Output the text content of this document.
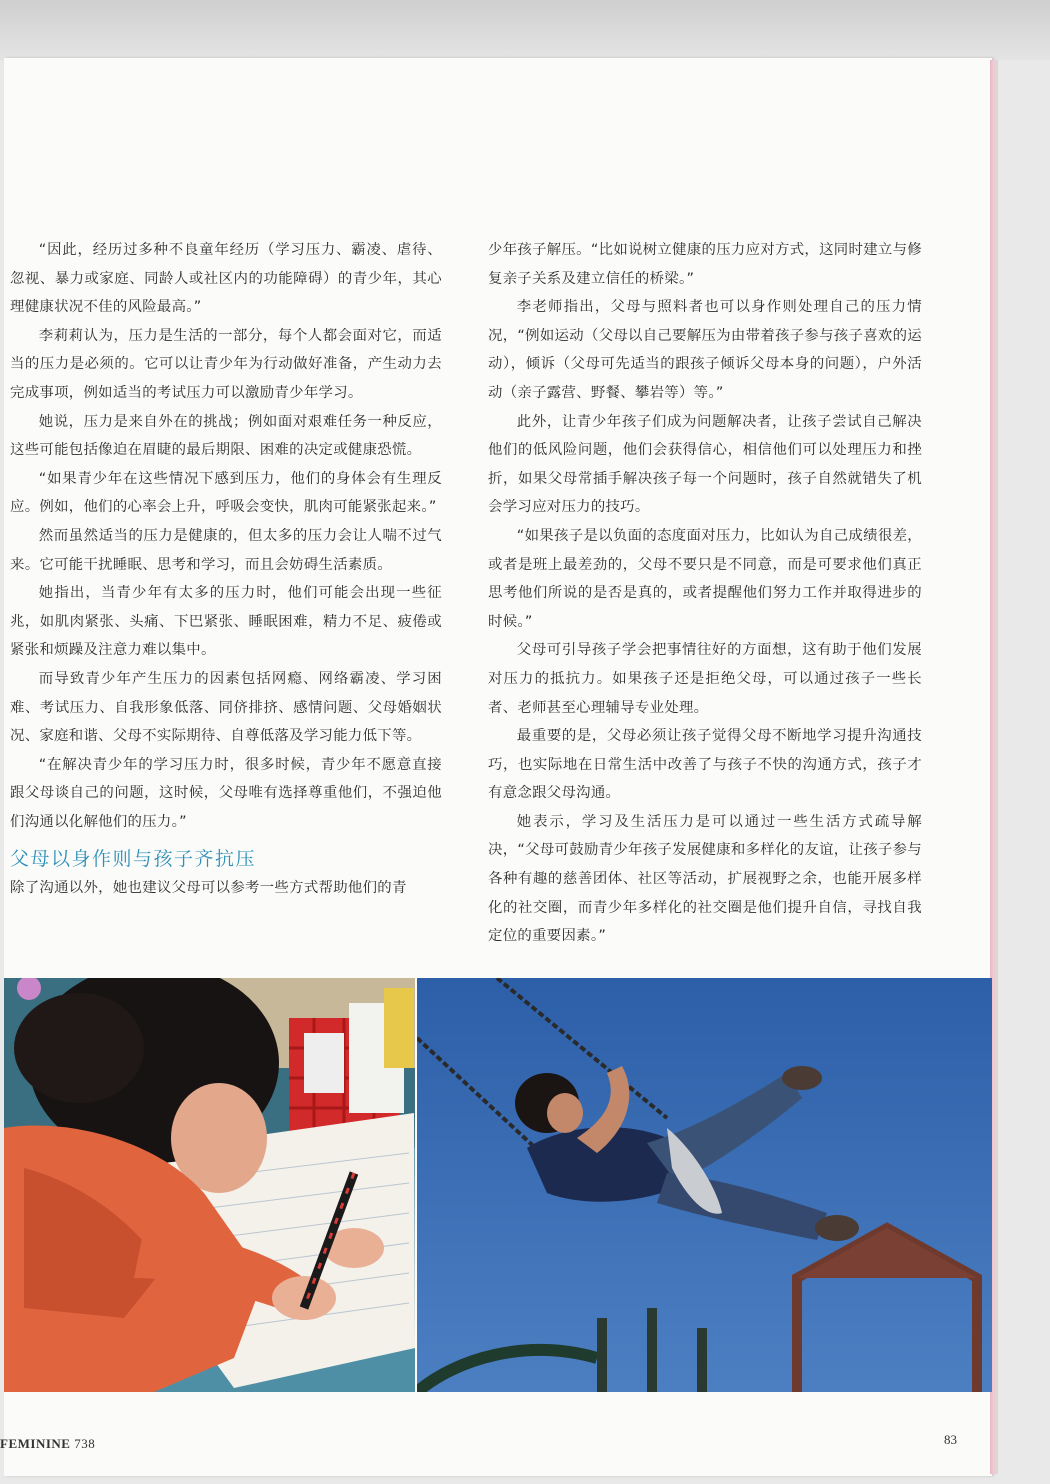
“因此，经历过多种不良童年经历（学习压力、霸凌、虐待、忽视、暴力或家庭、同龄人或社区内的功能障碍）的青少年，其心理健康状况不佳的风险最高。”

李莉莉认为，压力是生活的一部分，每个人都会面对它，而适当的压力是必须的。它可以让青少年为行动做好准备，产生动力去完成事项，例如适当的考试压力可以激励青少年学习。

她说，压力是来自外在的挑战；例如面对艰难任务一种反应，这些可能包括像迫在眉睫的最后期限、困难的决定或健康恐慌。

“如果青少年在这些情况下感到压力，他们的身体会有生理反应。例如，他们的心率会上升，呼吸会变快，肌肉可能紧张起来。”

然而虽然适当的压力是健康的，但太多的压力会让人喘不过气来。它可能干扰睡眠、思考和学习，而且会妨碍生活素质。

她指出，当青少年有太多的压力时，他们可能会出现一些征兆，如肌肉紧张、头痛、下巴紧张、睡眠困难，精力不足、疲倦或紧张和烦躁及注意力难以集中。

而导致青少年产生压力的因素包括网瘾、网络霸凌、学习困难、考试压力、自我形象低落、同侪排挤、感情问题、父母婚姻状况、家庭和谐、父母不实际期待、自尊低落及学习能力低下等。

“在解决青少年的学习压力时，很多时候，青少年不愿意直接跟父母谈自己的问题，这时候，父母唯有选择尊重他们，不强迫他们沟通以化解他们的压力。”

父母以身作则与孩子齐抗压

除了沟通以外，她也建议父母可以参考一些方式帮助他们的青

少年孩子解压。“比如说树立健康的压力应对方式，这同时建立与修复亲子关系及建立信任的桥梁。”

李老师指出，父母与照料者也可以身作则处理自己的压力情况，“例如运动（父母以自己要解压为由带着孩子参与孩子喜欢的运动），倾诉（父母可先适当的跟孩子倾诉父母本身的问题），户外活动（亲子露营、野餐、攀岩等）等。”

此外，让青少年孩子们成为问题解决者，让孩子尝试自己解决他们的低风险问题，他们会获得信心，相信他们可以处理压力和挫折，如果父母常插手解决孩子每一个问题时，孩子自然就错失了机会学习应对压力的技巧。

“如果孩子是以负面的态度面对压力，比如认为自己成绩很差，或者是班上最差劲的，父母不要只是不同意，而是可要求他们真正思考他们所说的是否是真的，或者提醒他们努力工作并取得进步的时候。”

父母可引导孩子学会把事情往好的方面想，这有助于他们发展对压力的抵抗力。如果孩子还是拒绝父母，可以通过孩子一些长者、老师甚至心理辅导专业处理。

最重要的是，父母必须让孩子觉得父母不断地学习提升沟通技巧，也实际地在日常生活中改善了与孩子不快的沟通方式，孩子才有意念跟父母沟通。

她表示，学习及生活压力是可以通过一些生活方式疏导解决，“父母可鼓励青少年孩子发展健康和多样化的友谊，让孩子参与各种有趣的慈善团体、社区等活动，扩展视野之余，也能开展多样化的社交圈，而青少年多样化的社交圈是他们提升自信，寻找自我定位的重要因素。”

FEMININE 738	83
